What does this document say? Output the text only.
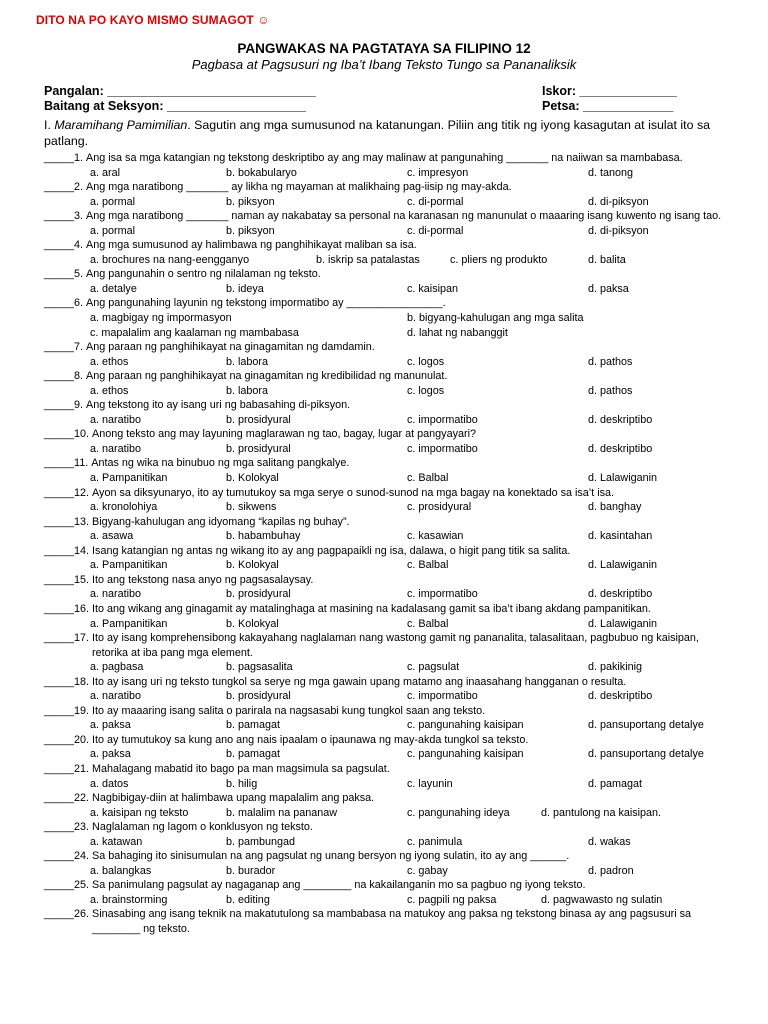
DITO NA PO KAYO MISMO SUMAGOT ☺
PANGWAKAS NA PAGTATAYA SA FILIPINO 12
Pagbasa at Pagsusuri ng Iba’t Ibang Teksto Tungo sa Pananaliksik
Pangalan: ______________________________
Baitang at Seksyon: ____________________
Iskor: ______________
Petsa: _____________
I. Maramihang Pamimilian. Sagutin ang mga sumusunod na katanungan. Piliin ang titik ng iyong kasagutan at isulat ito sa patlang.
_____ 1. Ang isa sa mga katangian ng tekstong deskriptibo ay ang may malinaw at pangunahing _______ na naiiwan sa mambabasa.
a. aral	b. bokabularyo	c. impresyon	d. tanong
_____ 2. Ang mga naratibong _______ ay likha ng mayaman at malikhaing pag-iisip ng may-akda.
a. pormal	b. piksyon	c. di-pormal	d. di-piksyon
_____ 3. Ang mga naratibong _______ naman ay nakabatay sa personal na karanasan ng manunulat o maaaring isang kuwento ng isang tao.
a. pormal	b. piksyon	c. di-pormal	d. di-piksyon
_____ 4. Ang mga sumusunod ay halimbawa ng panghihikayat maliban sa isa.
a. brochures na nang-eengganyo	b. iskrip sa patalastas	c. pliers ng produkto	d. balita
_____ 5. Ang pangunahin o sentro ng nilalaman ng teksto.
a. detalye	b. ideya	c. kaisipan	d. paksa
_____ 6. Ang pangunahing layunin ng tekstong impormatibo ay ________________.
a. magbigay ng impormasyon	b. bigyang-kahulugan ang mga salita
c. mapalalim ang kaalaman ng mambabasa	d. lahat ng nabanggit
_____ 7. Ang paraan ng panghihikayat na ginagamitan ng damdamin.
a. ethos	b. labora	c. logos	d. pathos
_____ 8. Ang paraan ng panghihikayat na ginagamitan ng kredibilidad ng manunulat.
a. ethos	b. labora	c. logos	d. pathos
_____ 9. Ang tekstong ito ay isang uri ng babasahing di-piksyon.
a. naratibo	b. prosidyural	c. impormatibo	d. deskriptibo
_____ 10. Anong teksto ang may layuning maglarawan ng tao, bagay, lugar at pangyayari?
a. naratibo	b. prosidyural	c. impormatibo	d. deskriptibo
_____ 11. Antas ng wika na binubuo ng mga salitang pangkalye.
a. Pampanitikan	b. Kolokyal	c. Balbal	d. Lalawiganin
_____ 12. Ayon sa diksyunaryo, ito ay tumutukoy sa mga serye o sunod-sunod na mga bagay na konektado sa isa’t isa.
a. kronolohiya	b. sikwens	c. prosidyural	d. banghay
_____ 13. Bigyang-kahulugan ang idyomang “kapilas ng buhay”.
a. asawa	b. habambuhay	c. kasawian	d. kasintahan
_____ 14. Isang katangian ng antas ng wikang ito ay ang pagpapaikli ng isa, dalawa, o higit pang titik sa salita.
a. Pampanitikan	b. Kolokyal	c. Balbal	d. Lalawiganin
_____ 15. Ito ang tekstong nasa anyo ng pagsasalaysay.
a. naratibo	b. prosidyural	c. impormatibo	d. deskriptibo
_____ 16. Ito ang wikang ang ginagamit ay matalinghaga at masining na kadalasang gamit sa iba’t ibang akdang pampanitikan.
a. Pampanitikan	b. Kolokyal	c. Balbal	d. Lalawiganin
_____ 17. Ito ay isang komprehensibong kakayahang naglalaman nang wastong gamit ng pananalita, talasalitaan, pagbubuo ng kaisipan, retorika at iba pang mga element.
a. pagbasa	b. pagsasalita	c. pagsulat	d. pakikinig
_____ 18. Ito ay isang uri ng teksto tungkol sa serye ng mga gawain upang matamo ang inaasahang hangganan o resulta.
a. naratibo	b. prosidyural	c. impormatibo	d. deskriptibo
_____ 19. Ito ay maaaring isang salita o parirala na nagsasabi kung tungkol saan ang teksto.
a. paksa	b. pamagat	c. pangunahing kaisipan	d. pansuportang detalye
_____ 20. Ito ay tumutukoy sa kung ano ang nais ipaalam o ipaunawa ng may-akda tungkol sa teksto.
a. paksa	b. pamagat	c. pangunahing kaisipan	d. pansuportang detalye
_____ 21. Mahalagang mabatid ito bago pa man magsimula sa pagsulat.
a. datos	b. hilig	c. layunin	d. pamagat
_____ 22. Nagbibigay-diin at halimbawa upang mapalalim ang paksa.
a. kaisipan ng teksto	b. malalim na pananaw	c. pangunahing ideya	d. pantulong na kaisipan.
_____ 23. Naglalaman ng lagom o konklusyon ng teksto.
a. katawan	b. pambungad	c. panimula	d. wakas
_____ 24. Sa bahaging ito sinisumulan na ang pagsulat ng unang bersyon ng iyong sulatin, ito ay ang ______.
a. balangkas	b. burador	c. gabay	d. padron
_____ 25. Sa panimulang pagsulat ay nagaganap ang ________ na kakailanganin mo sa pagbuo ng iyong teksto.
a. brainstorming	b. editing	c. pagpili ng paksa	d. pagwawasto ng sulatin
_____ 26. Sinasabing ang isang teknik na makatutulong sa mambabasa na matukoy ang paksa ng tekstong binasa ay ang pagsusuri sa ________ ng teksto.
